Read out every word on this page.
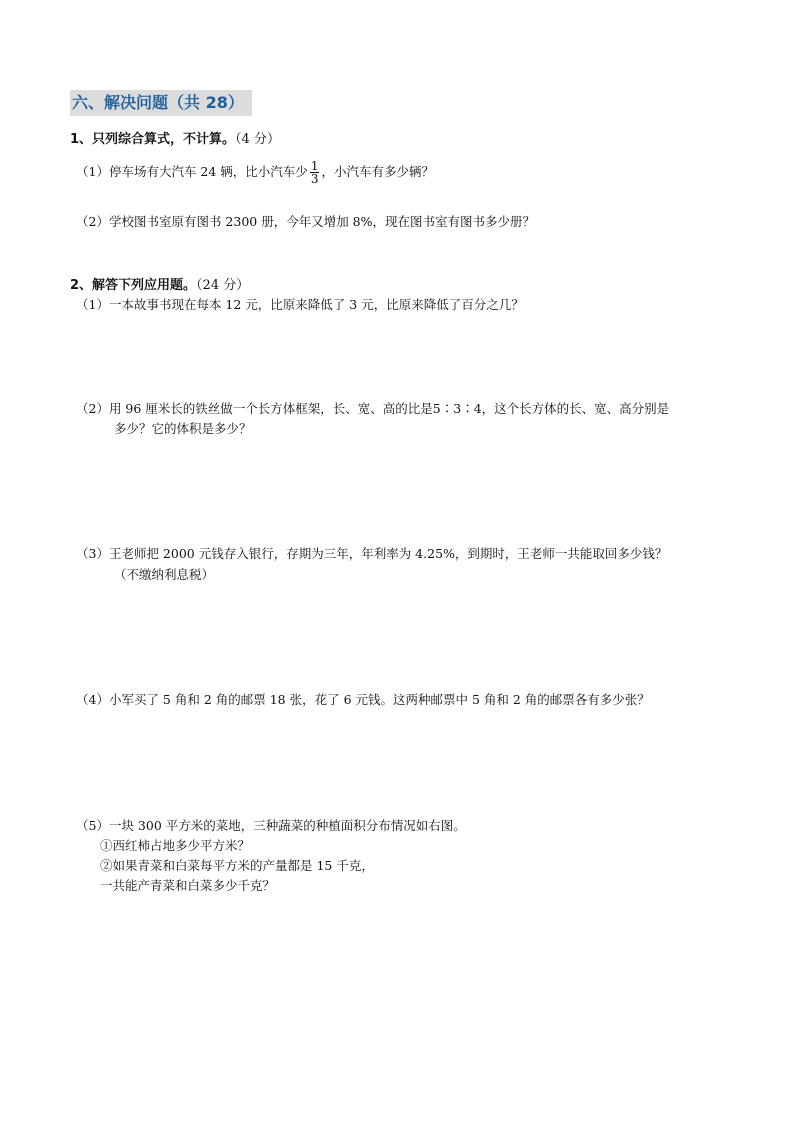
六、解决问题（共 28）
1、只列综合算式，不计算。（4 分）
（1）停车场有大汽车 24 辆，比小汽车少 $\frac{1}{3}$ ，小汽车有多少辆？
（2）学校图书室原有图书 2300 册，今年又增加 8%，现在图书室有图书多少册？
2、解答下列应用题。（24 分）
（1）一本故事书现在每本 12 元，比原来降低了 3 元，比原来降低了百分之几？
（2）用 96 厘米长的铁丝做一个长方体框架，长、宽、高的比是5∶3∶4，这个长方体的长、宽、高分别是
多少？它的体积是多少？
（3）王老师把 2000 元钱存入银行，存期为三年，年利率为 4.25%，到期时，王老师一共能取回多少钱？
（不缴纳利息税）
（4）小军买了 5 角和 2 角的邮票 18 张，花了 6 元钱。这两种邮票中 5 角和 2 角的邮票各有多少张？
（5）一块 300 平方米的菜地，三种蔬菜的种植面积分布情况如右图。
①西红柿占地多少平方米？
②如果青菜和白菜每平方米的产量都是 15 千克，
一共能产青菜和白菜多少千克？
